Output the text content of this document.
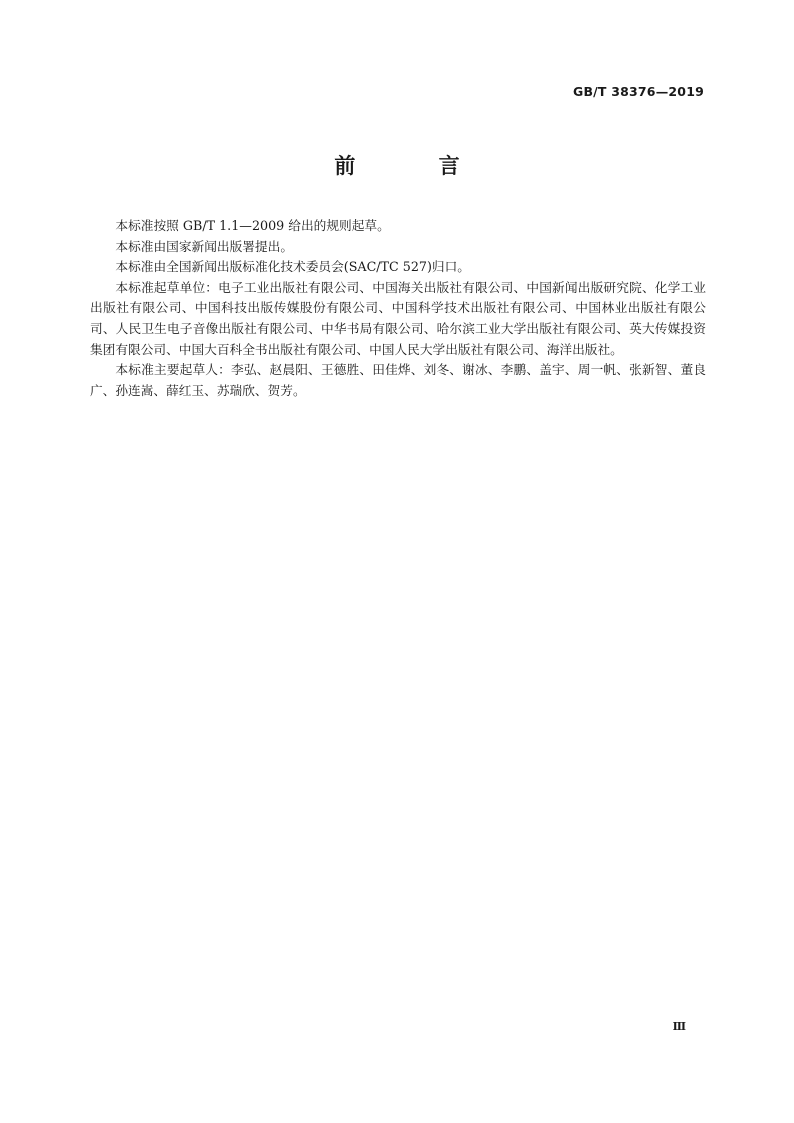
GB/T 38376—2019
前 言

本标准按照 GB/T 1.1—2009 给出的规则起草。

本标准由国家新闻出版署提出。

本标准由全国新闻出版标准化技术委员会(SAC/TC 527)归口。

本标准起草单位：电子工业出版社有限公司、中国海关出版社有限公司、中国新闻出版研究院、化学工业出版社有限公司、中国科技出版传媒股份有限公司、中国科学技术出版社有限公司、中国林业出版社有限公司、人民卫生电子音像出版社有限公司、中华书局有限公司、哈尔滨工业大学出版社有限公司、英大传媒投资集团有限公司、中国大百科全书出版社有限公司、中国人民大学出版社有限公司、海洋出版社。

本标准主要起草人：李弘、赵晨阳、王德胜、田佳烨、刘冬、谢冰、李鹏、盖宇、周一帆、张新智、董良广、孙连嵩、薛红玉、苏瑞欣、贺芳。

Ⅲ
